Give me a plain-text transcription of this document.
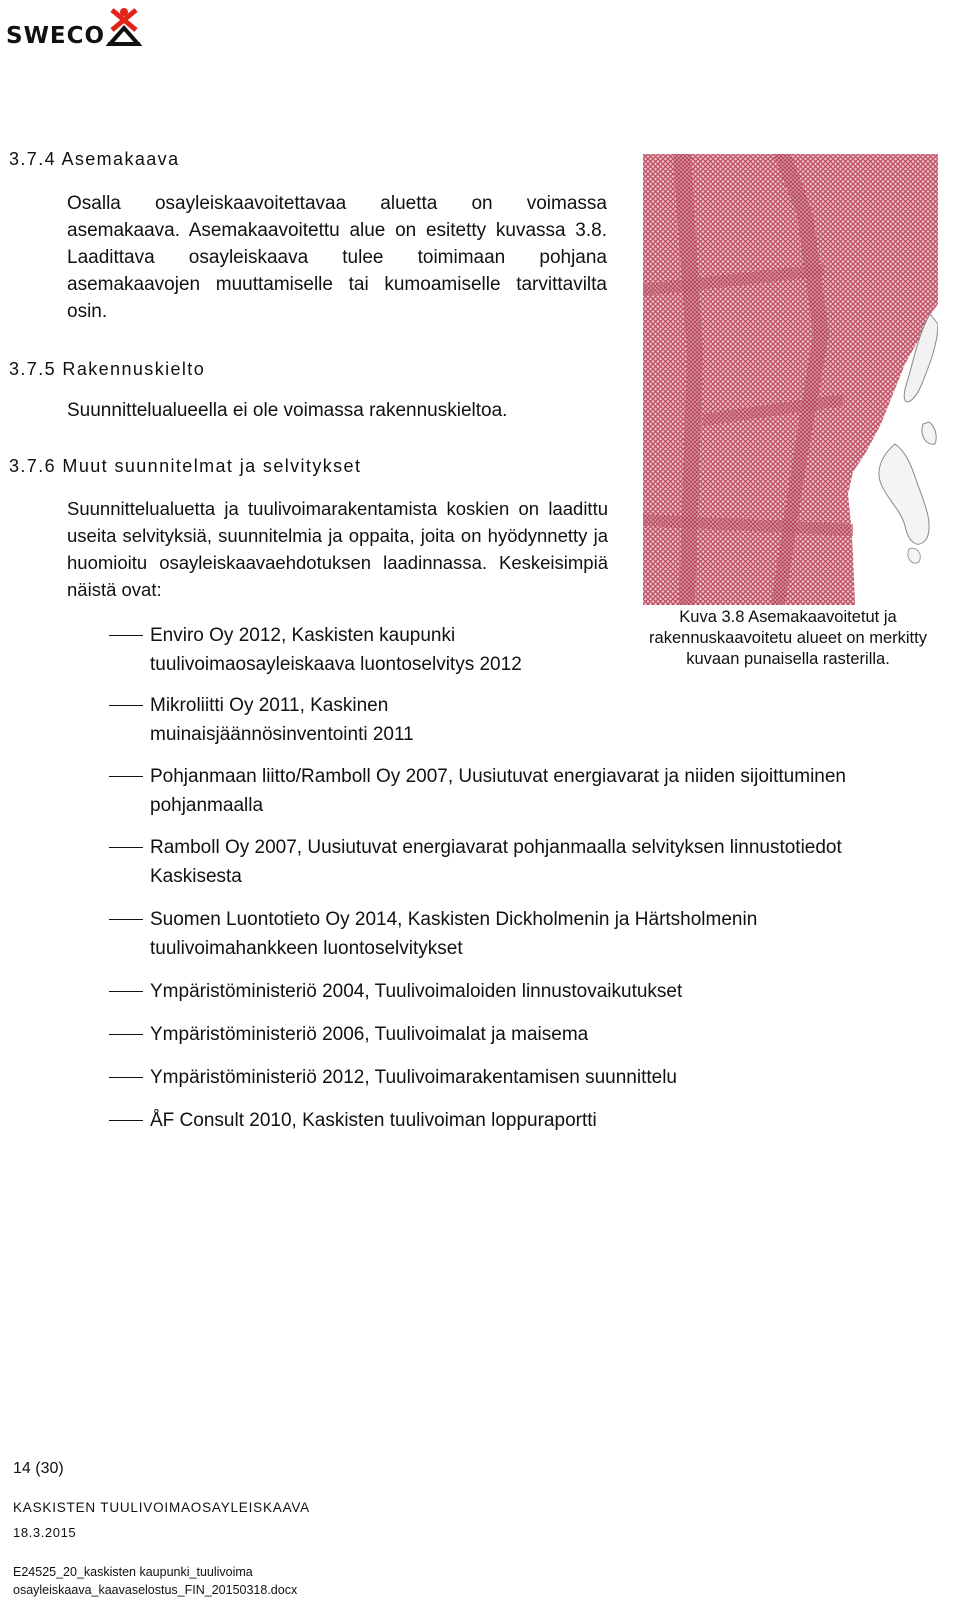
SWECO
3.7.4 Asemakaava
Osalla osayleiskaavoitettavaa aluetta on voimassa asemakaava. Asemakaavoitettu alue on esitetty kuvassa 3.8. Laadittava osayleiskaava tulee toimimaan pohjana asemakaavojen muuttamiselle tai kumoamiselle tarvittavilta osin.
3.7.5 Rakennuskielto
Suunnittelualueella ei ole voimassa rakennuskieltoa.
3.7.6 Muut suunnitelmat ja selvitykset
Suunnittelualuetta ja tuulivoimarakentamista koskien on laadittu useita selvityksiä, suunnitelmia ja oppaita, joita on hyödynnetty ja huomioitu osayleiskaavaehdotuksen laadinnassa. Keskeisimpiä näistä ovat:
Enviro Oy 2012, Kaskisten kaupunki tuulivoimaosayleiskaava luontoselvitys 2012
Mikroliitti Oy 2011, Kaskinen muinaisjäännösinventointi 2011
Pohjanmaan liitto/Ramboll Oy 2007, Uusiutuvat energiavarat ja niiden sijoittuminen pohjanmaalla
Ramboll Oy 2007, Uusiutuvat energiavarat pohjanmaalla selvityksen linnustotiedot Kaskisesta
Suomen Luontotieto Oy 2014, Kaskisten Dickholmenin ja Härtsholmenin tuulivoimahankkeen luontoselvitykset
Ympäristöministeriö 2004, Tuulivoimaloiden linnustovaikutukset
Ympäristöministeriö 2006, Tuulivoimalat ja maisema
Ympäristöministeriö 2012, Tuulivoimarakentamisen suunnittelu
ÅF Consult 2010, Kaskisten tuulivoiman loppuraportti
Kuva 3.8 Asemakaavoitetut ja rakennuskaavoitetu alueet on merkitty kuvaan punaisella rasterilla.
14 (30)
KASKISTEN TUULIVOIMAOSAYLEISKAAVA
18.3.2015
E24525_20_kaskisten kaupunki_tuulivoima
osayleiskaava_kaavaselostus_FIN_20150318.docx
